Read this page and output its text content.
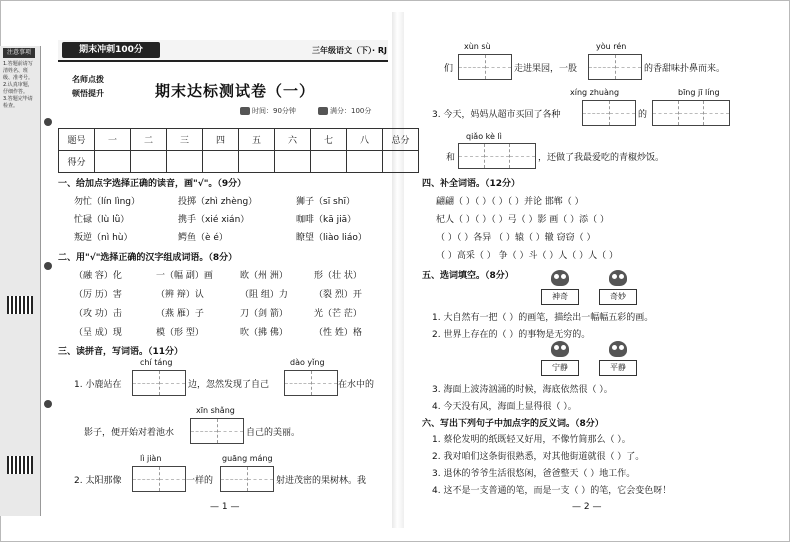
注意事项
1.答题前请写清姓名、班级、准考号。
2.认真审题，仔细作答。
3.答题完毕请检查。
期末冲刺100分	三年级语文（下）· RJ
名师点拨
顿悟提升	期末达标测试卷（一）
时间：90分钟	满分：100分
题号	一	二	三	四	五	六	七	八	总分
得分									
一、给加点字选择正确的读音，画"√"。（9分）
勿忙（lín lìng）	投掷（zhì zhèng）	狮子（sī shī）
忙碌（lù lǜ）	携手（xié xián）	咖啡（kā jiā）
叛逆（nì hù）	鳄鱼（è é）	瞭望（liào liáo）
二、用"√"选择正确的汉字组成词语。（8分）
（融 容）化	一（幅 副）画	欧（州 洲）	形（壮 状）
（厉 历）害	（辨 辩）认	（阻 组）力	（裂 烈）开
（攻 功）击	（燕 雁）子	刀（剑 箭）	光（芒 茫）
（呈 成）现	模（形 型）	吹（拂 佛）	（性 姓）格
三、读拼音，写词语。（11分）
chí táng	dào yǐng
1. 小鹿站在	边，忽然发现了自己	在水中的
xīn shǎng
影子，便开始对着池水	自己的美丽。
lì jiàn	guāng máng
2. 太阳那像	一样的	射进茂密的果树林。我
— 1 —
xùn sù	yòu rén
们	走进果园，一股	的香甜味扑鼻而来。
xíng zhuàng	bīng jī líng
3. 今天，妈妈从超市买回了各种	的
qiǎo kè lì
和	，还做了我最爱吃的青椒炒饭。
四、补全词语。（12分）
翩翩（ ）（ ）（ ）（ ）并论 邯郸（ ）
杞人（ ）（ ）（ ）弓（ ）影 画（ ）添（ ）
（ ）（ ）各异 （ ）辕（ ）辙 窃窃（ ）
（ ）高采（ ） 争（ ）斗（ ）人（ ）人（ ）
五、选词填空。（8分）
神奇	奇妙
1. 大自然有一把（ ）的画笔，描绘出一幅幅五彩的画。
2. 世界上存在的（ ）的事物是无穷的。
宁静	平静
3. 海面上波涛汹涌的时候，海底依然很（ ）。
4. 今天没有风，海面上显得很（ ）。
六、写出下列句子中加点字的反义词。（8分）
1. 蔡伦发明的纸既轻又好用，不像竹简那么（ ）。
2. 我对咱们这条街很熟悉，对其他街道就很（ ）了。
3. 退休的爷爷生活很悠闲，爸爸整天（ ）地工作。
4. 这不是一支普通的笔，而是一支（ ）的笔，它会变色呀！
— 2 —
